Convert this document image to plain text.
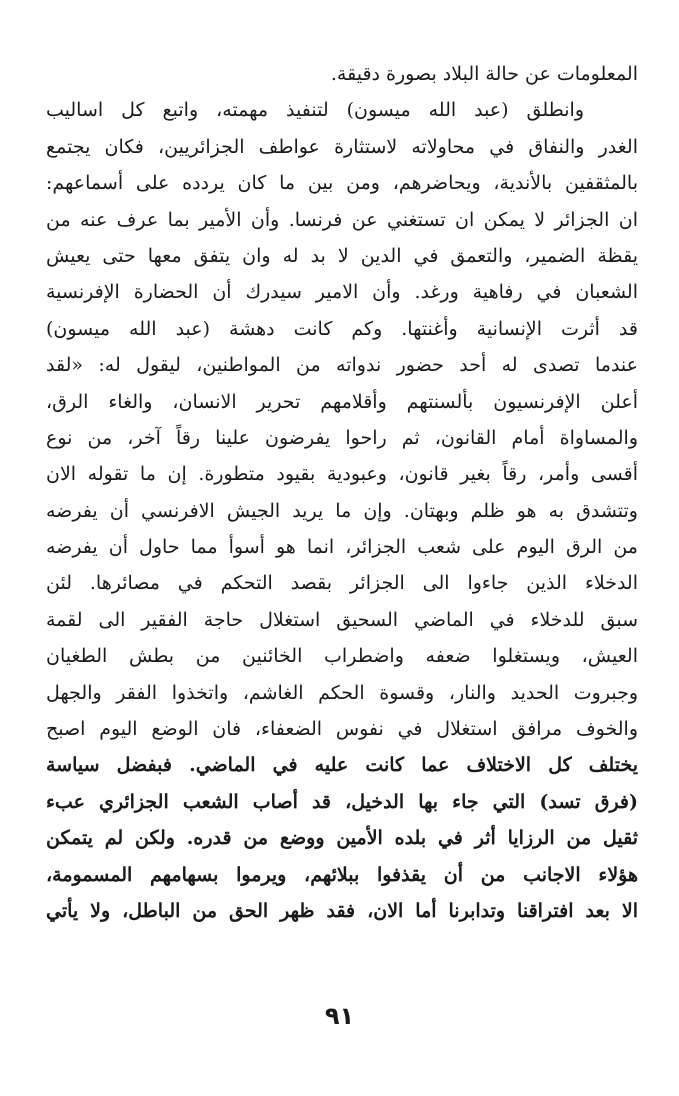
المعلومات عن حالة البلاد بصورة دقيقة.
وانطلق (عبد الله ميسون) لتنفيذ مهمته، واتبع كل اساليب
الغدر والنفاق في محاولاته لاستثارة عواطف الجزائريين، فكان يجتمع
بالمثقفين بالأندية، ويحاضرهم، ومن بين ما كان يردده على أسماعهم:
ان الجزائر لا يمكن ان تستغني عن فرنسا. وأن الأمير بما عرف عنه من
يقظة الضمير، والتعمق في الدين لا بد له وان يتفق معها حتى يعيش
الشعبان في رفاهية ورغد. وأن الامير سيدرك أن الحضارة الإفرنسية
قد أثرت الإنسانية وأغنتها. وكم كانت دهشة (عبد الله ميسون)
عندما تصدى له أحد حضور ندواته من المواطنين، ليقول له: «لقد
أعلن الإفرنسيون بألسنتهم وأقلامهم تحرير الانسان، والغاء الرق،
والمساواة أمام القانون، ثم راحوا يفرضون علينا رقاً آخر، من نوع
أقسى وأمر، رقاً بغير قانون، وعبودية بقيود متطورة. إن ما تقوله الان
وتتشدق به هو ظلم وبهتان. وإن ما يريد الجيش الافرنسي أن يفرضه
من الرق اليوم على شعب الجزائر، انما هو أسوأ مما حاول أن يفرضه
الدخلاء الذين جاءوا الى الجزائر بقصد التحكم في مصائرها. لئن
سبق للدخلاء في الماضي السحيق استغلال حاجة الفقير الى لقمة
العيش، ويستغلوا ضعفه واضطراب الخائنين من بطش الطغيان
وجبروت الحديد والنار، وقسوة الحكم الغاشم، واتخذوا الفقر والجهل
والخوف مرافق استغلال في نفوس الضعفاء، فان الوضع اليوم اصبح
يختلف كل الاختلاف عما كانت عليه في الماضي. فبفضل سياسة
(فرق تسد) التي جاء بها الدخيل، قد أصاب الشعب الجزائري عبء
ثقيل من الرزايا أثر في بلده الأمين ووضع من قدره. ولكن لم يتمكن
هؤلاء الاجانب من أن يقذفوا ببلائهم، ويرموا بسهامهم المسمومة،
الا بعد افتراقنا وتدابرنا أما الان، فقد ظهر الحق من الباطل، ولا يأتي
٩١
